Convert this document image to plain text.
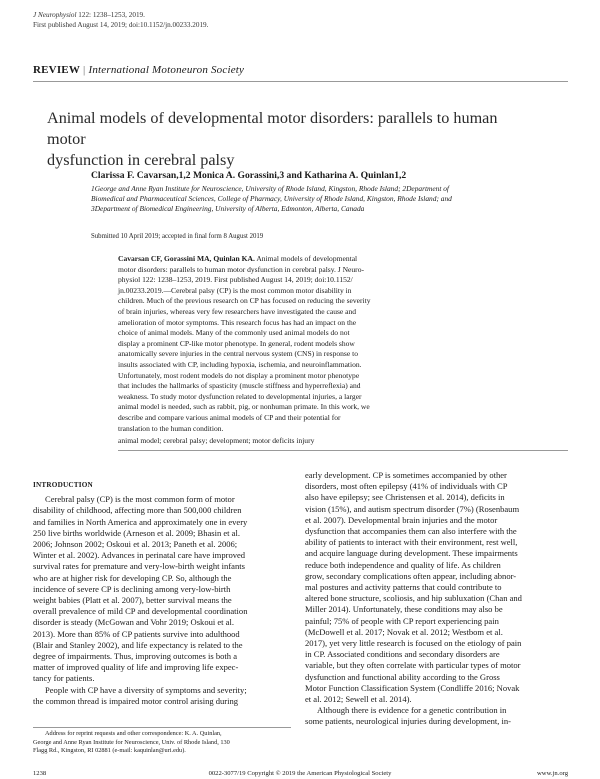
J Neurophysiol 122: 1238–1253, 2019.
First published August 14, 2019; doi:10.1152/jn.00233.2019.
REVIEW | International Motoneuron Society
Animal models of developmental motor disorders: parallels to human motor
dysfunction in cerebral palsy
Clarissa F. Cavarsan,1,2 Monica A. Gorassini,3 and Katharina A. Quinlan1,2
1George and Anne Ryan Institute for Neuroscience, University of Rhode Island, Kingston, Rhode Island; 2Department of
Biomedical and Pharmaceutical Sciences, College of Pharmacy, University of Rhode Island, Kingston, Rhode Island; and
3Department of Biomedical Engineering, University of Alberta, Edmonton, Alberta, Canada
Submitted 10 April 2019; accepted in final form 8 August 2019
Cavarsan CF, Gorassini MA, Quinlan KA. Animal models of developmental
motor disorders: parallels to human motor dysfunction in cerebral palsy. J Neuro-
physiol 122: 1238–1253, 2019. First published August 14, 2019; doi:10.1152/
jn.00233.2019.—Cerebral palsy (CP) is the most common motor disability in
children. Much of the previous research on CP has focused on reducing the severity
of brain injuries, whereas very few researchers have investigated the cause and
amelioration of motor symptoms. This research focus has had an impact on the
choice of animal models. Many of the commonly used animal models do not
display a prominent CP-like motor phenotype. In general, rodent models show
anatomically severe injuries in the central nervous system (CNS) in response to
insults associated with CP, including hypoxia, ischemia, and neuroinflammation.
Unfortunately, most rodent models do not display a prominent motor phenotype
that includes the hallmarks of spasticity (muscle stiffness and hyperreflexia) and
weakness. To study motor dysfunction related to developmental injuries, a larger
animal model is needed, such as rabbit, pig, or nonhuman primate. In this work, we
describe and compare various animal models of CP and their potential for
translation to the human condition.
animal model; cerebral palsy; development; motor deficits injury

INTRODUCTION

Cerebral palsy (CP) is the most common form of motor
disability of childhood, affecting more than 500,000 children
and families in North America and approximately one in every
250 live births worldwide (Arneson et al. 2009; Bhasin et al.
2006; Johnson 2002; Oskoui et al. 2013; Paneth et al. 2006;
Winter et al. 2002). Advances in perinatal care have improved
survival rates for premature and very-low-birth weight infants
who are at higher risk for developing CP. So, although the
incidence of severe CP is declining among very-low-birth
weight babies (Platt et al. 2007), better survival means the
overall prevalence of mild CP and developmental coordination
disorder is steady (McGowan and Vohr 2019; Oskoui et al.
2013). More than 85% of CP patients survive into adulthood
(Blair and Stanley 2002), and life expectancy is related to the
degree of impairments. Thus, improving outcomes is both a
matter of improved quality of life and improving life expec-
tancy for patients.
People with CP have a diversity of symptoms and severity;
the common thread is impaired motor control arising during
early development. CP is sometimes accompanied by other
disorders, most often epilepsy (41% of individuals with CP
also have epilepsy; see Christensen et al. 2014), deficits in
vision (15%), and autism spectrum disorder (7%) (Rosenbaum
et al. 2007). Developmental brain injuries and the motor
dysfunction that accompanies them can also interfere with the
ability of patients to interact with their environment, rest well,
and acquire language during development. These impairments
reduce both independence and quality of life. As children
grow, secondary complications often appear, including abnor-
mal postures and activity patterns that could contribute to
altered bone structure, scoliosis, and hip subluxation (Chan and
Miller 2014). Unfortunately, these conditions may also be
painful; 75% of people with CP report experiencing pain
(McDowell et al. 2017; Novak et al. 2012; Westbom et al.
2017), yet very little research is focused on the etiology of pain
in CP. Associated conditions and secondary disorders are
variable, but they often correlate with particular types of motor
dysfunction and functional ability according to the Gross
Motor Function Classification System (Condliffe 2016; Novak
et al. 2012; Sewell et al. 2014).
Although there is evidence for a genetic contribution in
some patients, neurological injuries during development, in-
Address for reprint requests and other correspondence: K. A. Quinlan,
George and Anne Ryan Institute for Neuroscience, Univ. of Rhode Island, 130
Flagg Rd., Kingston, RI 02881 (e-mail: kaquinlan@uri.edu).
1238	0022-3077/19 Copyright © 2019 the American Physiological Society	www.jn.org
